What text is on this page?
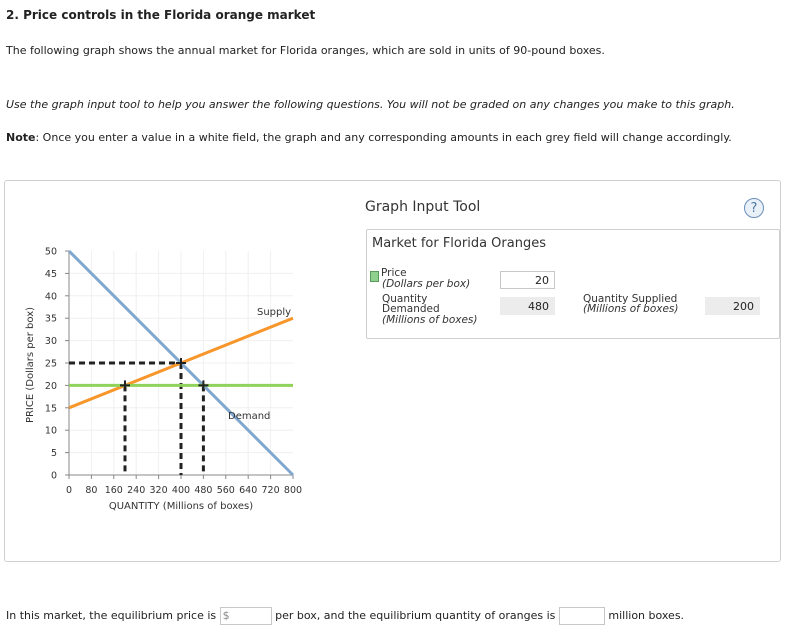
2. Price controls in the Florida orange market
The following graph shows the annual market for Florida oranges, which are sold in units of 90-pound boxes.
Use the graph input tool to help you answer the following questions. You will not be graded on any changes you make to this graph.
Note: Once you enter a value in a white field, the graph and any corresponding amounts in each grey field will change accordingly.
0 80 160 240 320 400 480 560 640 720 800
0
5
10
15
20
25
30
35
40
45
50
PRICE (Dollars per box)
QUANTITY (Millions of boxes)
Supply
Demand
Graph Input Tool	?
Market for Florida Oranges
Price
(Dollars per box)	20
Quantity
Demanded
(Millions of boxes)
480
Quantity Supplied
(Millions of boxes)	200
In this market, the equilibrium price is $	per box, and the equilibrium quantity of oranges is	million boxes.
